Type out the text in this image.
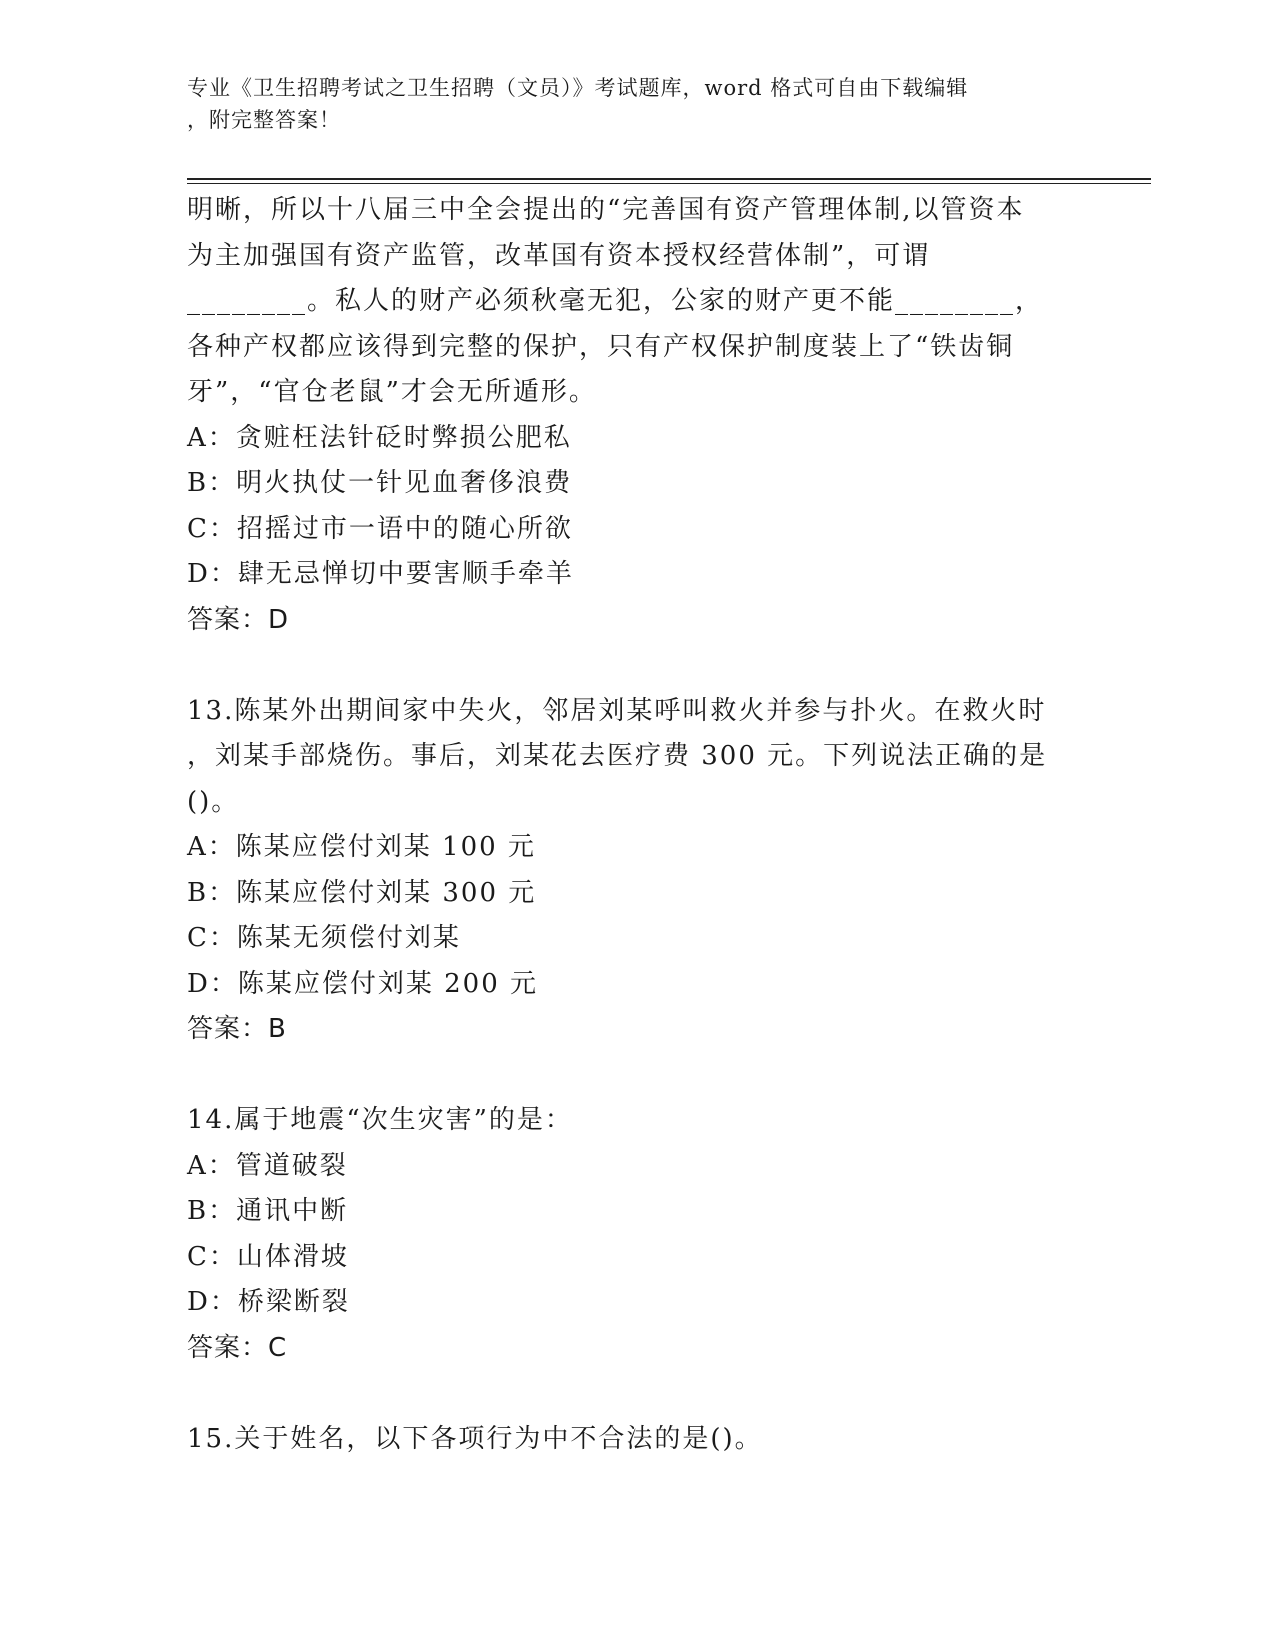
专业《卫生招聘考试之卫生招聘（文员）》考试题库，word 格式可自由下载编辑
，附完整答案！

明晰，所以十八届三中全会提出的“完善国有资产管理体制,以管资本

为主加强国有资产监管，改革国有资本授权经营体制”，可谓

________。私人的财产必须秋毫无犯，公家的财产更不能________，

各种产权都应该得到完整的保护，只有产权保护制度装上了“铁齿铜

牙”，“官仓老鼠”才会无所遁形。

A：贪赃枉法针砭时弊损公肥私

B：明火执仗一针见血奢侈浪费

C：招摇过市一语中的随心所欲

D：肆无忌惮切中要害顺手牵羊

答案：D

13.陈某外出期间家中失火，邻居刘某呼叫救火并参与扑火。在救火时

，刘某手部烧伤。事后，刘某花去医疗费 300 元。下列说法正确的是

()。

A：陈某应偿付刘某 100 元

B：陈某应偿付刘某 300 元

C：陈某无须偿付刘某

D：陈某应偿付刘某 200 元

答案：B

14.属于地震“次生灾害”的是：

A：管道破裂

B：通讯中断

C：山体滑坡

D：桥梁断裂

答案：C

15.关于姓名，以下各项行为中不合法的是()。
